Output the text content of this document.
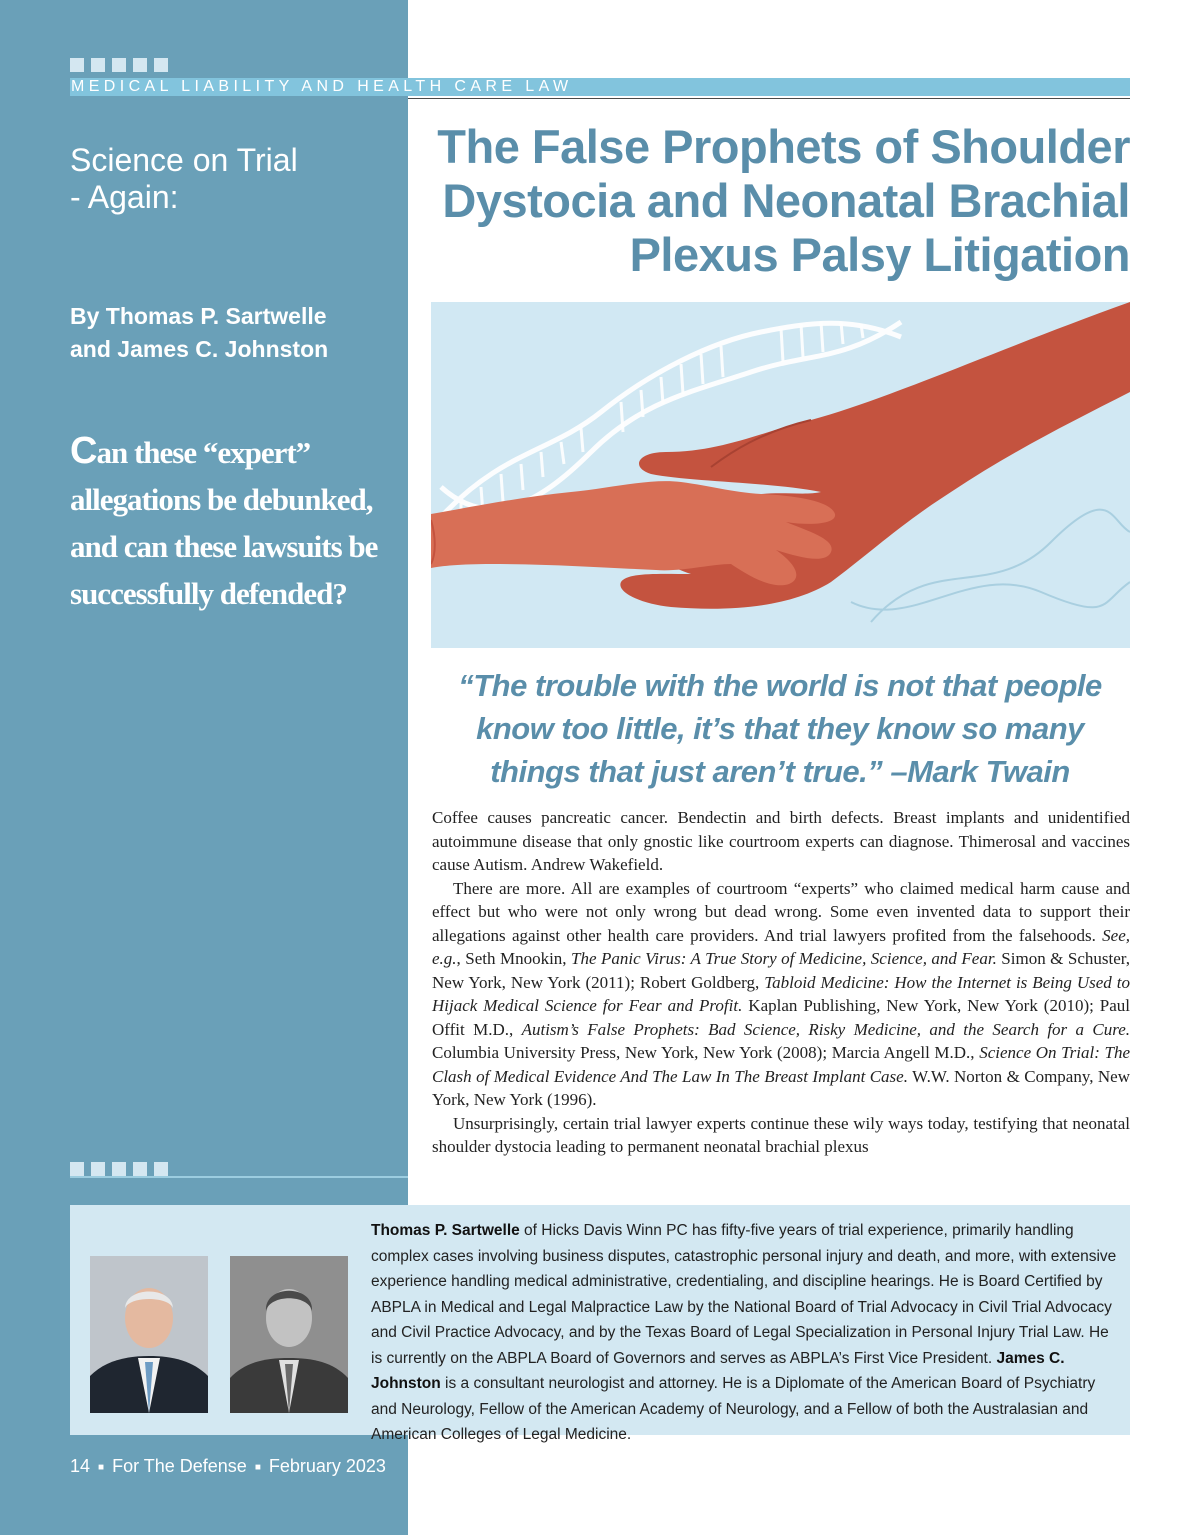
MEDICAL LIABILITY AND HEALTH CARE LAW
Science on Trial
- Again:
By Thomas P. Sartwelle
and James C. Johnston
Can these “expert” allegations be debunked, and can these lawsuits be successfully defended?
The False Prophets of Shoulder
Dystocia and Neonatal Brachial
Plexus Palsy Litigation
“The trouble with the world is not that people
know too little, it’s that they know so many
things that just aren’t true.” –Mark Twain

Coffee causes pancreatic cancer. Bendectin and birth defects. Breast implants and unidentified autoimmune disease that only gnostic like courtroom experts can diagnose. Thimerosal and vaccines cause Autism. Andrew Wakefield.

There are more. All are examples of courtroom “experts” who claimed medical harm cause and effect but who were not only wrong but dead wrong. Some even invented data to support their allegations against other health care providers. And trial lawyers profited from the falsehoods. See, e.g., Seth Mnookin, The Panic Virus: A True Story of Medicine, Science, and Fear. Simon & Schuster, New York, New York (2011); Robert Goldberg, Tabloid Medicine: How the Internet is Being Used to Hijack Medical Science for Fear and Profit. Kaplan Publishing, New York, New York (2010); Paul Offit M.D., Autism’s False Prophets: Bad Science, Risky Medicine, and the Search for a Cure. Columbia University Press, New York, New York (2008); Marcia Angell M.D., Science On Trial: The Clash of Medical Evidence And The Law In The Breast Implant Case. W.W. Norton & Company, New York, New York (1996).

Unsurprisingly, certain trial lawyer experts continue these wily ways today, testifying that neonatal shoulder dystocia leading to permanent neonatal brachial plexus

Thomas P. Sartwelle
of Hicks Davis Winn PC has fifty-five years of trial experience, primarily handling complex cases involving business disputes, catastrophic personal injury and death, and more, with extensive experience handling medical administrative, credentialing, and discipline hearings. He is Board Certified by ABPLA in Medical and Legal Malpractice Law by the National Board of Trial Advocacy in Civil Trial Advocacy and Civil Practice Advocacy, and by the Texas Board of Legal Specialization in Personal Injury Trial Law. He is currently on the ABPLA Board of Governors and serves as ABPLA’s First Vice President. James C. Johnston is a consultant neurologist and attorney. He is a Diplomate of the American Board of Psychiatry and Neurology, Fellow of the American Academy of Neurology, and a Fellow of both the Australasian and American Colleges of Legal Medicine.
14 ■ For The Defense ■ February 2023
